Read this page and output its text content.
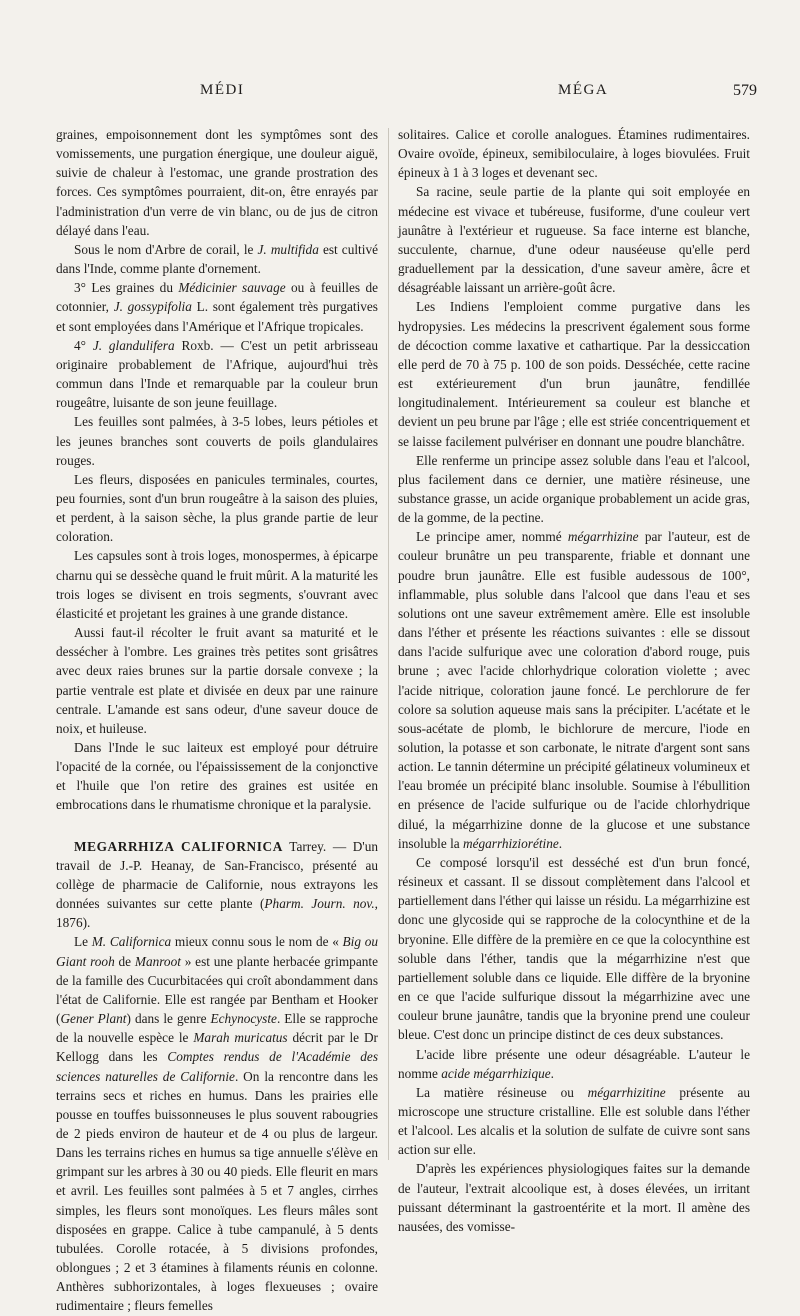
MÉDI	MÉGA	579

graines, empoisonnement dont les symptômes sont des vomissements, une purgation énergique, une douleur aiguë, suivie de chaleur à l'estomac, une grande prostration des forces. Ces symptômes pourraient, dit-on, être enrayés par l'administration d'un verre de vin blanc, ou de jus de citron délayé dans l'eau.

Sous le nom d'Arbre de corail, le J. multifida est cultivé dans l'Inde, comme plante d'ornement.

3° Les graines du Médicinier sauvage ou à feuilles de cotonnier, J. gossypifolia L. sont également très purgatives et sont employées dans l'Amérique et l'Afrique tropicales.

4° J. glandulifera Roxb. — C'est un petit arbrisseau originaire probablement de l'Afrique, aujourd'hui très commun dans l'Inde et remarquable par la couleur brun rougeâtre, luisante de son jeune feuillage.

Les feuilles sont palmées, à 3-5 lobes, leurs pétioles et les jeunes branches sont couverts de poils glandulaires rouges.

Les fleurs, disposées en panicules terminales, courtes, peu fournies, sont d'un brun rougeâtre à la saison des pluies, et perdent, à la saison sèche, la plus grande partie de leur coloration.

Les capsules sont à trois loges, monospermes, à épicarpe charnu qui se dessèche quand le fruit mûrit. A la maturité les trois loges se divisent en trois segments, s'ouvrant avec élasticité et projetant les graines à une grande distance.

Aussi faut-il récolter le fruit avant sa maturité et le dessécher à l'ombre. Les graines très petites sont grisâtres avec deux raies brunes sur la partie dorsale convexe ; la partie ventrale est plate et divisée en deux par une rainure centrale. L'amande est sans odeur, d'une saveur douce de noix, et huileuse.

Dans l'Inde le suc laiteux est employé pour détruire l'opacité de la cornée, ou l'épaississement de la conjonctive et l'huile que l'on retire des graines est usitée en embrocations dans le rhumatisme chronique et la paralysie.

MEGARRHIZA CALIFORNICA Tarrey. — D'un travail de J.-P. Heanay, de San-Francisco, présenté au collège de pharmacie de Californie, nous extrayons les données suivantes sur cette plante (Pharm. Journ. nov., 1876).

Le M. Californica mieux connu sous le nom de « Big ou Giant rooh de Manroot » est une plante herbacée grimpante de la famille des Cucurbitacées qui croît abondamment dans l'état de Californie. Elle est rangée par Bentham et Hooker (Gener Plant) dans le genre Echynocyste. Elle se rapproche de la nouvelle espèce le Marah muricatus décrit par le Dr Kellogg dans les Comptes rendus de l'Académie des sciences naturelles de Californie. On la rencontre dans les terrains secs et riches en humus. Dans les prairies elle pousse en touffes buissonneuses le plus souvent rabougries de 2 pieds environ de hauteur et de 4 ou plus de largeur. Dans les terrains riches en humus sa tige annuelle s'élève en grimpant sur les arbres à 30 ou 40 pieds. Elle fleurit en mars et avril. Les feuilles sont palmées à 5 et 7 angles, cirrhes simples, les fleurs sont monoïques. Les fleurs mâles sont disposées en grappe. Calice à tube campanulé, à 5 dents tubulées. Corolle rotacée, à 5 divisions profondes, oblongues ; 2 et 3 étamines à filaments réunis en colonne. Anthères subhorizontales, à loges flexueuses ; ovaire rudimentaire ; fleurs femelles

solitaires. Calice et corolle analogues. Étamines rudimentaires. Ovaire ovoïde, épineux, semibiloculaire, à loges biovulées. Fruit épineux à 1 à 3 loges et devenant sec.

Sa racine, seule partie de la plante qui soit employée en médecine est vivace et tubéreuse, fusiforme, d'une couleur vert jaunâtre à l'extérieur et rugueuse. Sa face interne est blanche, succulente, charnue, d'une odeur nauséeuse qu'elle perd graduellement par la dessication, d'une saveur amère, âcre et désagréable laissant un arrière-goût âcre.

Les Indiens l'emploient comme purgative dans les hydropysies. Les médecins la prescrivent également sous forme de décoction comme laxative et cathartique. Par la dessiccation elle perd de 70 à 75 p. 100 de son poids. Desséchée, cette racine est extérieurement d'un brun jaunâtre, fendillée longitudinalement. Intérieurement sa couleur est blanche et devient un peu brune par l'âge ; elle est striée concentriquement et se laisse facilement pulvériser en donnant une poudre blanchâtre.

Elle renferme un principe assez soluble dans l'eau et l'alcool, plus facilement dans ce dernier, une matière résineuse, une substance grasse, un acide organique probablement un acide gras, de la gomme, de la pectine.

Le principe amer, nommé mégarrhizine par l'auteur, est de couleur brunâtre un peu transparente, friable et donnant une poudre brun jaunâtre. Elle est fusible audessous de 100°, inflammable, plus soluble dans l'alcool que dans l'eau et ses solutions ont une saveur extrêmement amère. Elle est insoluble dans l'éther et présente les réactions suivantes : elle se dissout dans l'acide sulfurique avec une coloration d'abord rouge, puis brune ; avec l'acide chlorhydrique coloration violette ; avec l'acide nitrique, coloration jaune foncé. Le perchlorure de fer colore sa solution aqueuse mais sans la précipiter. L'acétate et le sous-acétate de plomb, le bichlorure de mercure, l'iode en solution, la potasse et son carbonate, le nitrate d'argent sont sans action. Le tannin détermine un précipité gélatineux volumineux et l'eau bromée un précipité blanc insoluble. Soumise à l'ébullition en présence de l'acide sulfurique ou de l'acide chlorhydrique dilué, la mégarrhizine donne de la glucose et une substance insoluble la mégarrhiziorétine.

Ce composé lorsqu'il est desséché est d'un brun foncé, résineux et cassant. Il se dissout complètement dans l'alcool et partiellement dans l'éther qui laisse un résidu. La mégarrhizine est donc une glycoside qui se rapproche de la colocynthine et de la bryonine. Elle diffère de la première en ce que la colocynthine est soluble dans l'éther, tandis que la mégarrhizine n'est que partiellement soluble dans ce liquide. Elle diffère de la bryonine en ce que l'acide sulfurique dissout la mégarrhizine avec une couleur brune jaunâtre, tandis que la bryonine prend une couleur bleue. C'est donc un principe distinct de ces deux substances.

L'acide libre présente une odeur désagréable. L'auteur le nomme acide mégarrhizique.

La matière résineuse ou mégarrhizitine présente au microscope une structure cristalline. Elle est soluble dans l'éther et l'alcool. Les alcalis et la solution de sulfate de cuivre sont sans action sur elle.

D'après les expériences physiologiques faites sur la demande de l'auteur, l'extrait alcoolique est, à doses élevées, un irritant puissant déterminant la gastroentérite et la mort. Il amène des nausées, des vomisse-
